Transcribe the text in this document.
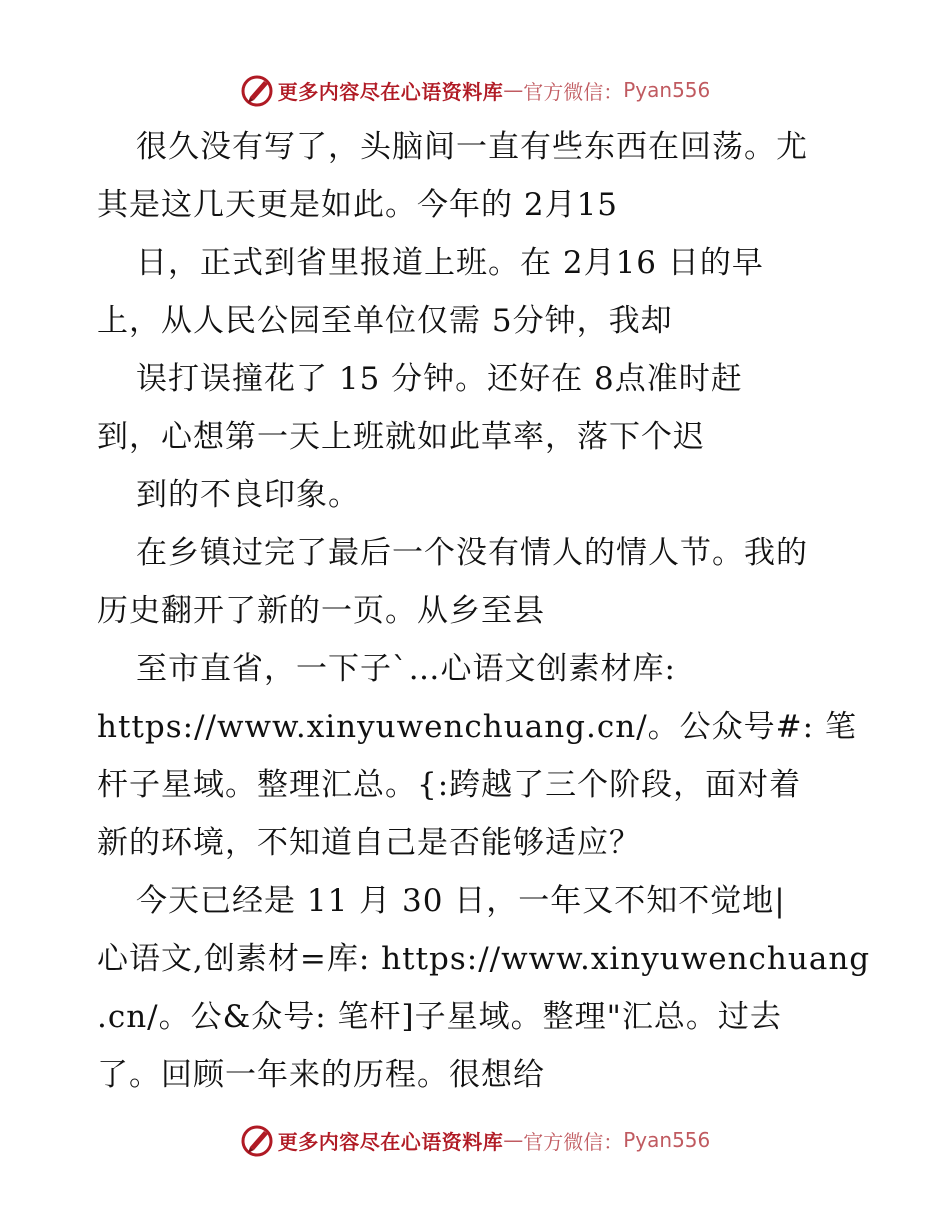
更多内容尽在心语资料库 — 官方微信： Pyan556
很久没有写了，头脑间一直有些东西在回荡。尤
其是这几天更是如此。今年的 2月15
日，正式到省里报道上班。在 2月16 日的早
上，从人民公园至单位仅需 5分钟，我却
误打误撞花了 15 分钟。还好在 8点准时赶
到，心想第一天上班就如此草率，落下个迟
到的不良印象。
在乡镇过完了最后一个没有情人的情人节。我的
历史翻开了新的一页。从乡至县
至市直省，一下子`…心语文创素材库:
https://www.xinyuwenchuang.cn/。公众号#: 笔
杆子星域。整理汇总。{:跨越了三个阶段，面对着
新的环境，不知道自己是否能够适应？
今天已经是 11 月 30 日，一年又不知不觉地|
心语文,创素材=库: https://www.xinyuwenchuang
.cn/。公&众号: 笔杆]子星域。整理"汇总。过去
了。回顾一年来的历程。很想给
更多内容尽在心语资料库 — 官方微信： Pyan556
